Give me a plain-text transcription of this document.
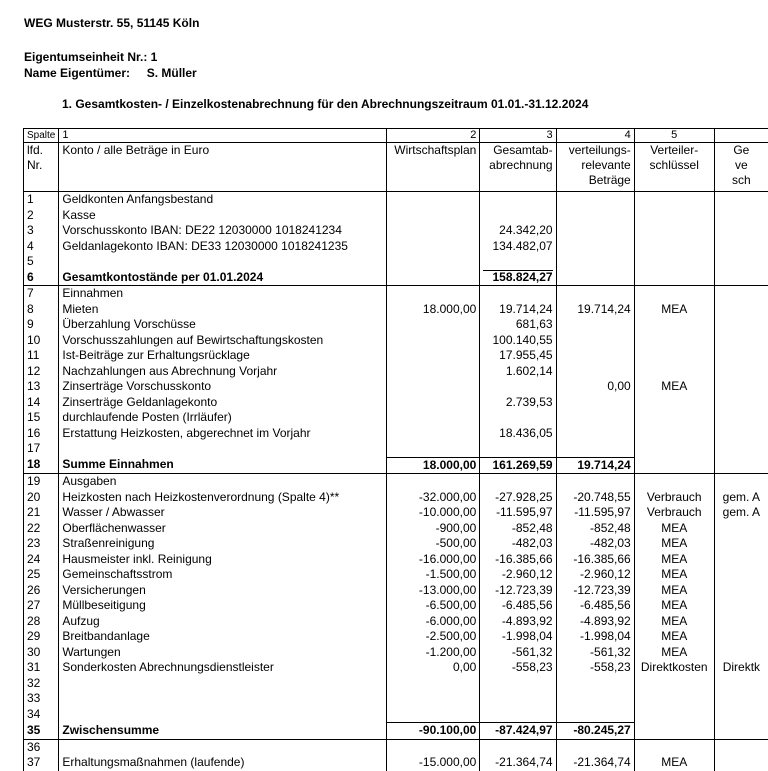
WEG Musterstr. 55, 51145 Köln
Eigentumseinheit Nr.: 1
Name Eigentümer: S. Müller
1. Gesamtkosten- / Einzelkostenabrechnung für den Abrechnungszeitraum 01.01.-31.12.2024
Spalte	1	2	3	4	5	
lfd.	Konto / alle Beträge in Euro	Wirtschaftsplan	Gesamtab-	verteilungs-	Verteiler-	Ge
Nr.			abrechnung	relevante	schlüssel	ve
				Beträge		sch
1	Geldkonten Anfangsbestand					
2	Kasse					
3	Vorschusskonto IBAN: DE22 12030000 1018241234		24.342,20			
4	Geldanlagekonto IBAN: DE33 12030000 1018241235		134.482,07			
5						
6	Gesamtkontostände per 01.01.2024		158.824,27			
7	Einnahmen					
8	Mieten	18.000,00	19.714,24	19.714,24	MEA	
9	Überzahlung Vorschüsse		681,63			
10	Vorschusszahlungen auf Bewirtschaftungskosten		100.140,55			
11	Ist-Beiträge zur Erhaltungsrücklage		17.955,45			
12	Nachzahlungen aus Abrechnung Vorjahr		1.602,14			
13	Zinserträge Vorschusskonto			0,00	MEA	
14	Zinserträge Geldanlagekonto		2.739,53			
15	durchlaufende Posten (Irrläufer)					
16	Erstattung Heizkosten, abgerechnet im Vorjahr		18.436,05			
17						
18	Summe Einnahmen	18.000,00	161.269,59	19.714,24		
19	Ausgaben					
20	Heizkosten nach Heizkostenverordnung (Spalte 4)**	-32.000,00	-27.928,25	-20.748,55	Verbrauch	gem. A
21	Wasser / Abwasser	-10.000,00	-11.595,97	-11.595,97	Verbrauch	gem. A
22	Oberflächenwasser	-900,00	-852,48	-852,48	MEA	
23	Straßenreinigung	-500,00	-482,03	-482,03	MEA	
24	Hausmeister inkl. Reinigung	-16.000,00	-16.385,66	-16.385,66	MEA	
25	Gemeinschaftsstrom	-1.500,00	-2.960,12	-2.960,12	MEA	
26	Versicherungen	-13.000,00	-12.723,39	-12.723,39	MEA	
27	Müllbeseitigung	-6.500,00	-6.485,56	-6.485,56	MEA	
28	Aufzug	-6.000,00	-4.893,92	-4.893,92	MEA	
29	Breitbandanlage	-2.500,00	-1.998,04	-1.998,04	MEA	
30	Wartungen	-1.200,00	-561,32	-561,32	MEA	
31	Sonderkosten Abrechnungsdienstleister	0,00	-558,23	-558,23	Direktkosten	Direktk
32						
33						
34						
35	Zwischensumme	-90.100,00	-87.424,97	-80.245,27		
36						
37	Erhaltungsmaßnahmen (laufende)	-15.000,00	-21.364,74	-21.364,74	MEA	
